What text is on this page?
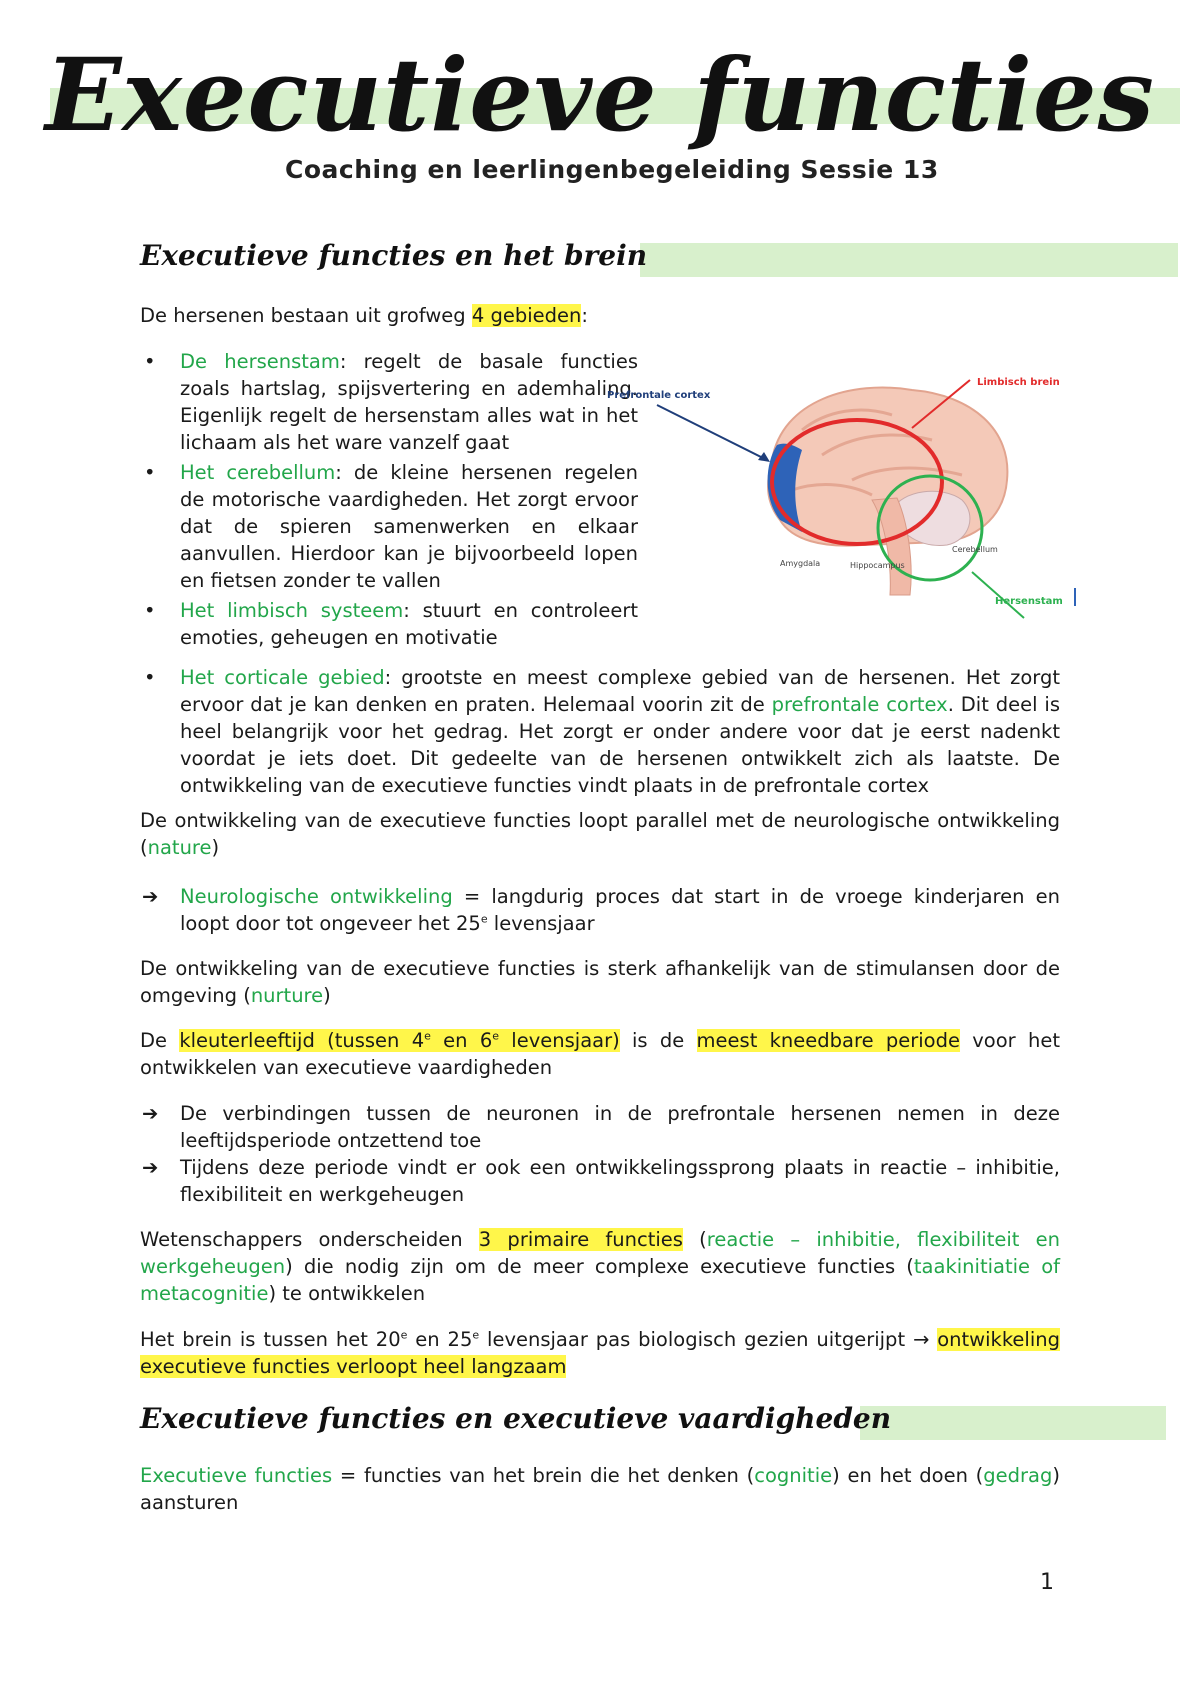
Executieve functies
Coaching en leerlingenbegeleiding Sessie 13
Executieve functies en het brein
De hersenen bestaan uit grofweg 4 gebieden:
• De hersenstam: regelt de basale functies zoals hartslag, spijsvertering en ademhaling. Eigenlijk regelt de hersenstam alles wat in het lichaam als het ware vanzelf gaat
• Het cerebellum: de kleine hersenen regelen de motorische vaardigheden. Het zorgt ervoor dat de spieren samenwerken en elkaar aanvullen. Hierdoor kan je bijvoorbeeld lopen en fietsen zonder te vallen
• Het limbisch systeem: stuurt en controleert emoties, geheugen en motivatie
• Het corticale gebied: grootste en meest complexe gebied van de hersenen. Het zorgt ervoor dat je kan denken en praten. Helemaal voorin zit de prefrontale cortex. Dit deel is heel belangrijk voor het gedrag. Het zorgt er onder andere voor dat je eerst nadenkt voordat je iets doet. Dit gedeelte van de hersenen ontwikkelt zich als laatste. De ontwikkeling van de executieve functies vindt plaats in de prefrontale cortex
Prefrontale cortex
Limbisch brein
Amygdala	Hippocampus
Cerebellum
Hersenstam
De ontwikkeling van de executieve functies loopt parallel met de neurologische ontwikkeling (nature)
➔ Neurologische ontwikkeling = langdurig proces dat start in de vroege kinderjaren en loopt door tot ongeveer het 25e levensjaar
De ontwikkeling van de executieve functies is sterk afhankelijk van de stimulansen door de omgeving (nurture)
De kleuterleeftijd (tussen 4e en 6e levensjaar) is de meest kneedbare periode voor het ontwikkelen van executieve vaardigheden
➔ De verbindingen tussen de neuronen in de prefrontale hersenen nemen in deze leeftijdsperiode ontzettend toe
➔ Tijdens deze periode vindt er ook een ontwikkelingssprong plaats in reactie – inhibitie, flexibiliteit en werkgeheugen
Wetenschappers onderscheiden 3 primaire functies (reactie – inhibitie, flexibiliteit en werkgeheugen) die nodig zijn om de meer complexe executieve functies (taakinitiatie of metacognitie) te ontwikkelen
Het brein is tussen het 20e en 25e levensjaar pas biologisch gezien uitgerijpt → ontwikkeling executieve functies verloopt heel langzaam
Executieve functies en executieve vaardigheden
Executieve functies = functies van het brein die het denken (cognitie) en het doen (gedrag) aansturen
1
